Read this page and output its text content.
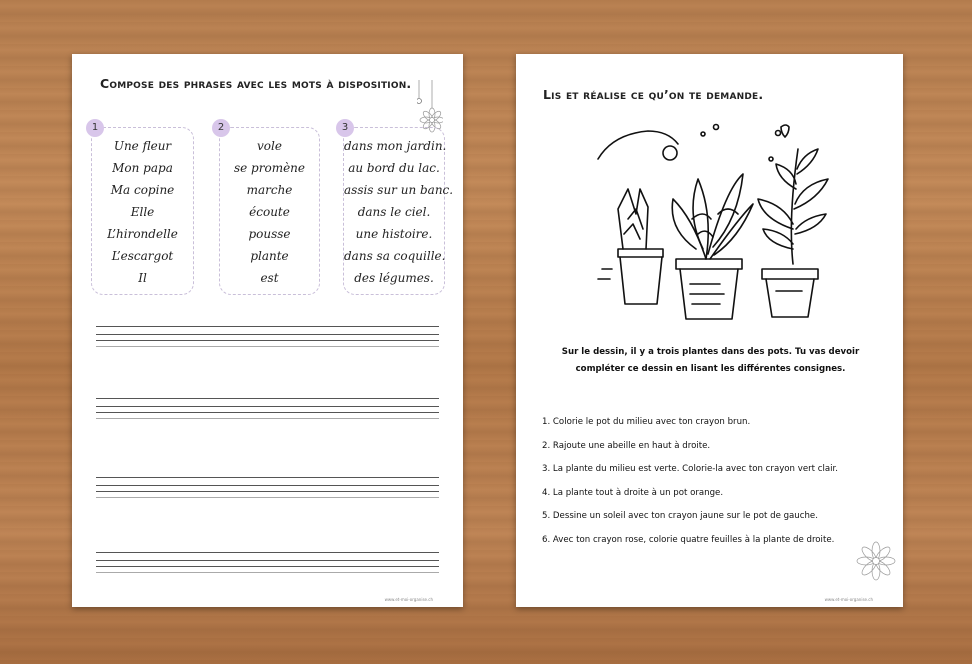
Compose des phrases avec les mots à disposition.
Une fleur
Mon papa
Ma copine
Elle
L’hirondelle
L’escargot
Il
vole
se promène
marche
écoute
pousse
plante
est
dans mon jardin.
au bord du lac.
assis sur un banc.
dans le ciel.
une histoire.
dans sa coquille.
des légumes.
1	2	3
www.et-moi-organise.ch
Lis et réalise ce qu’on te demande.
Sur le dessin, il y a trois plantes dans des pots. Tu vas devoir compléter ce dessin en lisant les différentes consignes.
1. Colorie le pot du milieu avec ton crayon brun.
2. Rajoute une abeille en haut à droite.
3. La plante du milieu est verte. Colorie-la avec ton crayon vert clair.
4. La plante tout à droite à un pot orange.
5. Dessine un soleil avec ton crayon jaune sur le pot de gauche.
6. Avec ton crayon rose, colorie quatre feuilles à la plante de droite.
www.et-moi-organise.ch
